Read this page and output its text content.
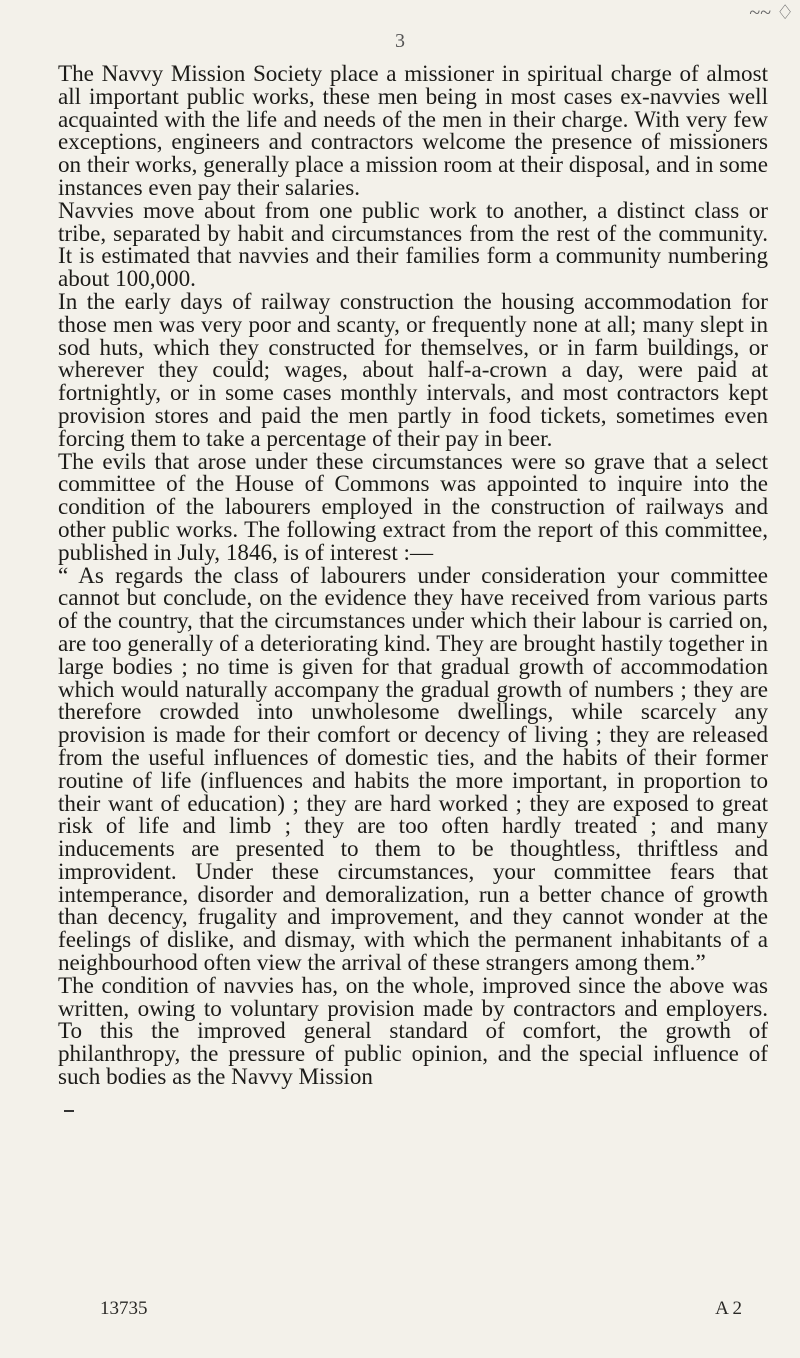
~~ ♢
3

The Navvy Mission Society place a missioner in spiritual charge of almost all important public works, these men being in most cases ex-navvies well acquainted with the life and needs of the men in their charge. With very few exceptions, engineers and contractors welcome the presence of missioners on their works, generally place a mission room at their disposal, and in some instances even pay their salaries.

Navvies move about from one public work to another, a distinct class or tribe, separated by habit and circumstances from the rest of the community. It is estimated that navvies and their families form a community numbering about 100,000.

In the early days of railway construction the housing accommodation for those men was very poor and scanty, or frequently none at all; many slept in sod huts, which they constructed for themselves, or in farm buildings, or wherever they could; wages, about half-a-crown a day, were paid at fortnightly, or in some cases monthly intervals, and most contractors kept provision stores and paid the men partly in food tickets, sometimes even forcing them to take a percentage of their pay in beer.

The evils that arose under these circumstances were so grave that a select committee of the House of Commons was appointed to inquire into the condition of the labourers employed in the construction of railways and other public works. The following extract from the report of this committee, published in July, 1846, is of interest :—

“ As regards the class of labourers under consideration your committee cannot but conclude, on the evidence they have received from various parts of the country, that the circumstances under which their labour is carried on, are too generally of a deteriorating kind. They are brought hastily together in large bodies ; no time is given for that gradual growth of accommodation which would naturally accompany the gradual growth of numbers ; they are therefore crowded into unwholesome dwellings, while scarcely any provision is made for their comfort or decency of living ; they are released from the useful influences of domestic ties, and the habits of their former routine of life (influences and habits the more important, in proportion to their want of education) ; they are hard worked ; they are exposed to great risk of life and limb ; they are too often hardly treated ; and many inducements are presented to them to be thoughtless, thriftless and improvident. Under these circumstances, your committee fears that intemperance, disorder and demoralization, run a better chance of growth than decency, frugality and improvement, and they cannot wonder at the feelings of dislike, and dismay, with which the permanent inhabitants of a neighbourhood often view the arrival of these strangers among them.”

The condition of navvies has, on the whole, improved since the above was written, owing to voluntary provision made by contractors and employers. To this the improved general standard of comfort, the growth of philanthropy, the pressure of public opinion, and the special influence of such bodies as the Navvy Mission

13735	A 2
